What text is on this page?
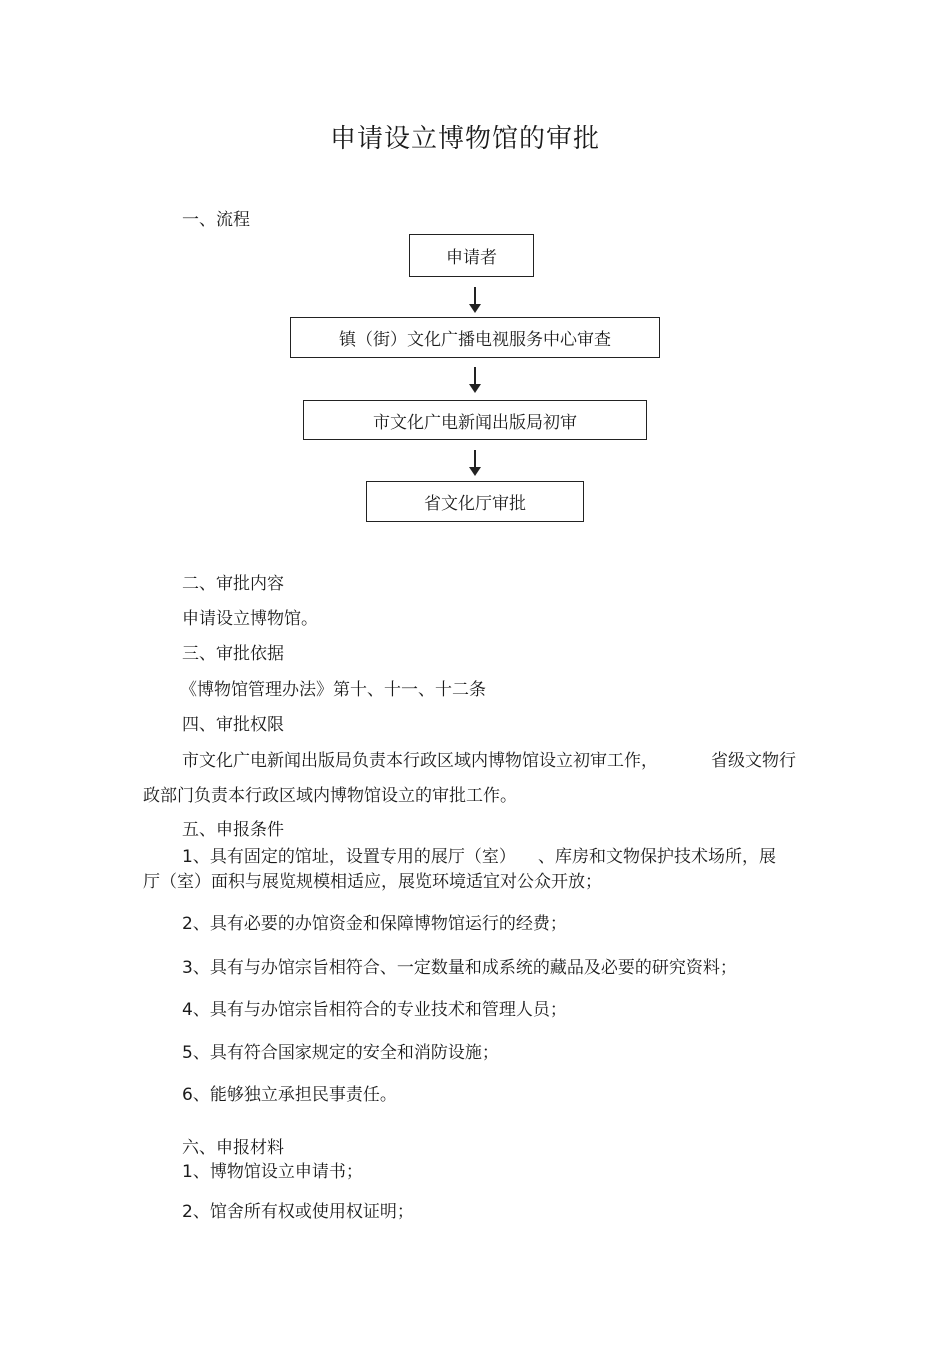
申请设立博物馆的审批
一、流程
申请者
镇（街）文化广播电视服务中心审查
市文化广电新闻出版局初审
省文化厅审批
二、审批内容
申请设立博物馆。
三、审批依据
《博物馆管理办法》第十、十一、十二条
四、审批权限
市文化广电新闻出版局负责本行政区域内博物馆设立初审工作，	省级文物行
政部门负责本行政区域内博物馆设立的审批工作。
五、申报条件
1、具有固定的馆址，设置专用的展厅（室） 、库房和文物保护技术场所，展
厅（室）面积与展览规模相适应，展览环境适宜对公众开放；
2、具有必要的办馆资金和保障博物馆运行的经费；
3、具有与办馆宗旨相符合、一定数量和成系统的藏品及必要的研究资料；
4、具有与办馆宗旨相符合的专业技术和管理人员；
5、具有符合国家规定的安全和消防设施；
6、能够独立承担民事责任。
六、申报材料
1、博物馆设立申请书；
2、馆舍所有权或使用权证明；
